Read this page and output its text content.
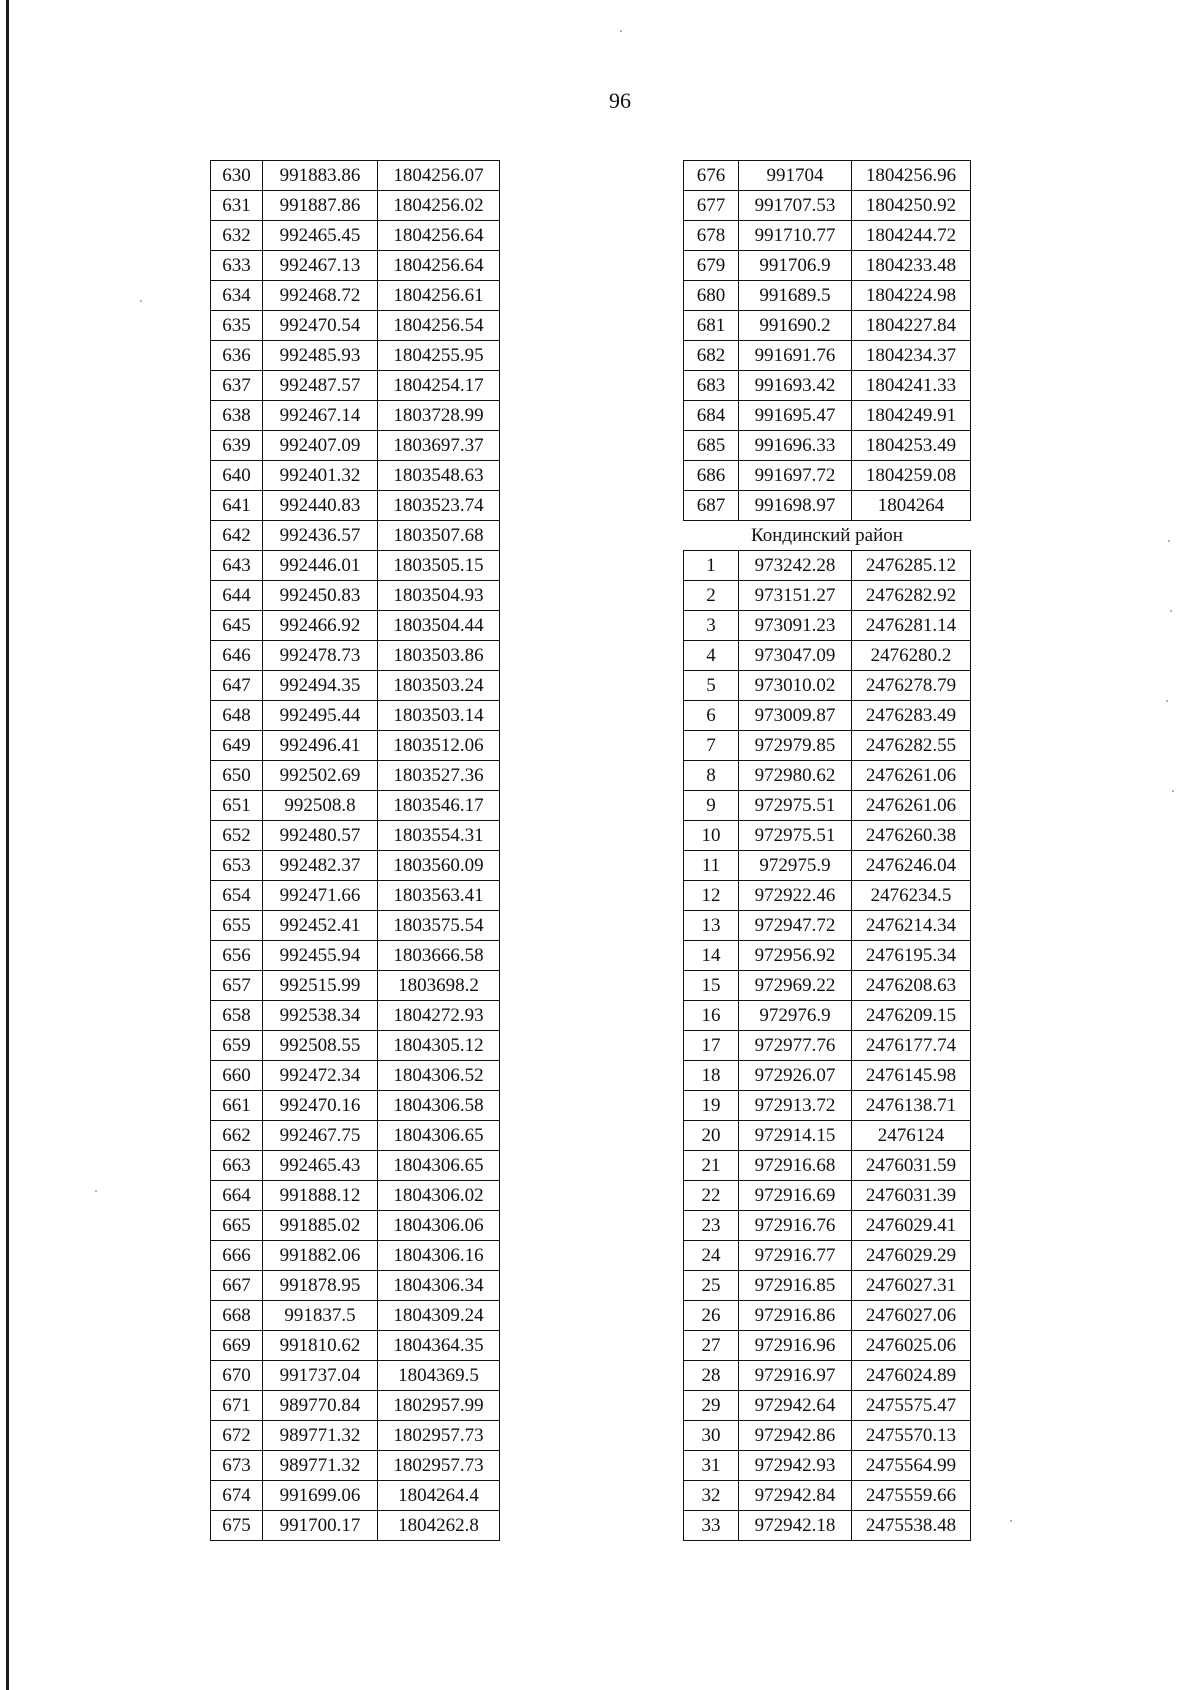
96
630	991883.86	1804256.07
631	991887.86	1804256.02
632	992465.45	1804256.64
633	992467.13	1804256.64
634	992468.72	1804256.61
635	992470.54	1804256.54
636	992485.93	1804255.95
637	992487.57	1804254.17
638	992467.14	1803728.99
639	992407.09	1803697.37
640	992401.32	1803548.63
641	992440.83	1803523.74
642	992436.57	1803507.68
643	992446.01	1803505.15
644	992450.83	1803504.93
645	992466.92	1803504.44
646	992478.73	1803503.86
647	992494.35	1803503.24
648	992495.44	1803503.14
649	992496.41	1803512.06
650	992502.69	1803527.36
651	992508.8	1803546.17
652	992480.57	1803554.31
653	992482.37	1803560.09
654	992471.66	1803563.41
655	992452.41	1803575.54
656	992455.94	1803666.58
657	992515.99	1803698.2
658	992538.34	1804272.93
659	992508.55	1804305.12
660	992472.34	1804306.52
661	992470.16	1804306.58
662	992467.75	1804306.65
663	992465.43	1804306.65
664	991888.12	1804306.02
665	991885.02	1804306.06
666	991882.06	1804306.16
667	991878.95	1804306.34
668	991837.5	1804309.24
669	991810.62	1804364.35
670	991737.04	1804369.5
671	989770.84	1802957.99
672	989771.32	1802957.73
673	989771.32	1802957.73
674	991699.06	1804264.4
675	991700.17	1804262.8
676	991704	1804256.96
677	991707.53	1804250.92
678	991710.77	1804244.72
679	991706.9	1804233.48
680	991689.5	1804224.98
681	991690.2	1804227.84
682	991691.76	1804234.37
683	991693.42	1804241.33
684	991695.47	1804249.91
685	991696.33	1804253.49
686	991697.72	1804259.08
687	991698.97	1804264
Кондинский район		
1	973242.28	2476285.12
2	973151.27	2476282.92
3	973091.23	2476281.14
4	973047.09	2476280.2
5	973010.02	2476278.79
6	973009.87	2476283.49
7	972979.85	2476282.55
8	972980.62	2476261.06
9	972975.51	2476261.06
10	972975.51	2476260.38
11	972975.9	2476246.04
12	972922.46	2476234.5
13	972947.72	2476214.34
14	972956.92	2476195.34
15	972969.22	2476208.63
16	972976.9	2476209.15
17	972977.76	2476177.74
18	972926.07	2476145.98
19	972913.72	2476138.71
20	972914.15	2476124
21	972916.68	2476031.59
22	972916.69	2476031.39
23	972916.76	2476029.41
24	972916.77	2476029.29
25	972916.85	2476027.31
26	972916.86	2476027.06
27	972916.96	2476025.06
28	972916.97	2476024.89
29	972942.64	2475575.47
30	972942.86	2475570.13
31	972942.93	2475564.99
32	972942.84	2475559.66
33	972942.18	2475538.48
